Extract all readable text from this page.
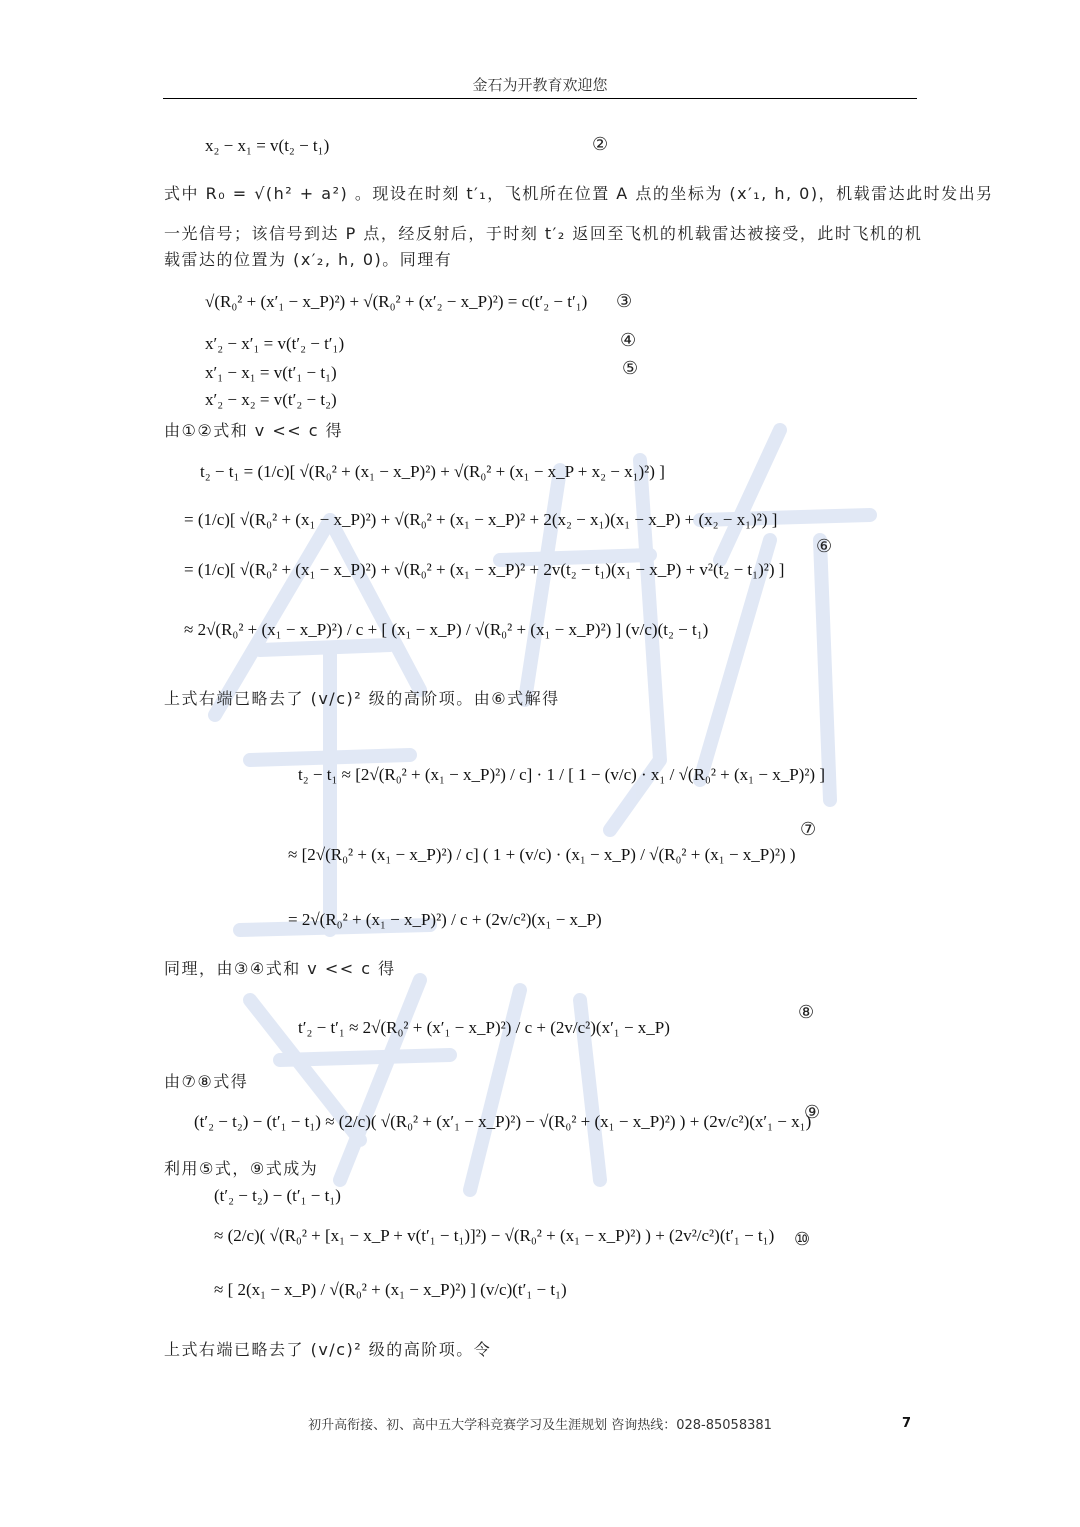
金石为开教育欢迎您
x₂ − x₁ = v(t₂ − t₁)	②
式中 R₀ = √(h² + a²) 。现设在时刻 t′₁，飞机所在位置 A 点的坐标为 (x′₁, h, 0)，机载雷达此时发出另
一光信号；该信号到达 P 点，经反射后，于时刻 t′₂ 返回至飞机的机载雷达被接受，此时飞机的机
载雷达的位置为 (x′₂, h, 0)。同理有
√(R₀² + (x′₁ − x_P)²) + √(R₀² + (x′₂ − x_P)²) = c(t′₂ − t′₁) ③
x′₂ − x′₁ = v(t′₂ − t′₁)	④
x′₁ − x₁ = v(t′₁ − t₁)	⑤
x′₂ − x₂ = v(t′₂ − t₂)
由①②式和 v << c 得
t₂ − t₁ = (1/c)[ √(R₀² + (x₁ − x_P)²) + √(R₀² + (x₁ − x_P + x₂ − x₁)²) ]
= (1/c)[ √(R₀² + (x₁ − x_P)²) + √(R₀² + (x₁ − x_P)² + 2(x₂ − x₁)(x₁ − x_P) + (x₂ − x₁)²) ]
⑥
= (1/c)[ √(R₀² + (x₁ − x_P)²) + √(R₀² + (x₁ − x_P)² + 2v(t₂ − t₁)(x₁ − x_P) + v²(t₂ − t₁)²) ]
≈ 2√(R₀² + (x₁ − x_P)²) / c + [ (x₁ − x_P) / √(R₀² + (x₁ − x_P)²) ] (v/c)(t₂ − t₁)
上式右端已略去了 (v/c)² 级的高阶项。由⑥式解得
t₂ − t₁ ≈ [2√(R₀² + (x₁ − x_P)²) / c] · 1 / [ 1 − (v/c) · x₁ / √(R₀² + (x₁ − x_P)²) ]
≈ [2√(R₀² + (x₁ − x_P)²) / c] ( 1 + (v/c) · (x₁ − x_P) / √(R₀² + (x₁ − x_P)²) )
⑦
= 2√(R₀² + (x₁ − x_P)²) / c + (2v/c²)(x₁ − x_P)
同理，由③④式和 v << c 得
t′₂ − t′₁ ≈ 2√(R₀² + (x′₁ − x_P)²) / c + (2v/c²)(x′₁ − x_P)
⑧
由⑦⑧式得
(t′₂ − t₂) − (t′₁ − t₁) ≈ (2/c)( √(R₀² + (x′₁ − x_P)²) − √(R₀² + (x₁ − x_P)²) ) + (2v/c²)(x′₁ − x₁)
⑨
利用⑤式，⑨式成为
(t′₂ − t₂) − (t′₁ − t₁)
≈ (2/c)( √(R₀² + [x₁ − x_P + v(t′₁ − t₁)]²) − √(R₀² + (x₁ − x_P)²) ) + (2v²/c²)(t′₁ − t₁) ⑩
≈ [ 2(x₁ − x_P) / √(R₀² + (x₁ − x_P)²) ] (v/c)(t′₁ − t₁)
上式右端已略去了 (v/c)² 级的高阶项。令
初升高衔接、初、高中五大学科竞赛学习及生涯规划 咨询热线：028-85058381	7
